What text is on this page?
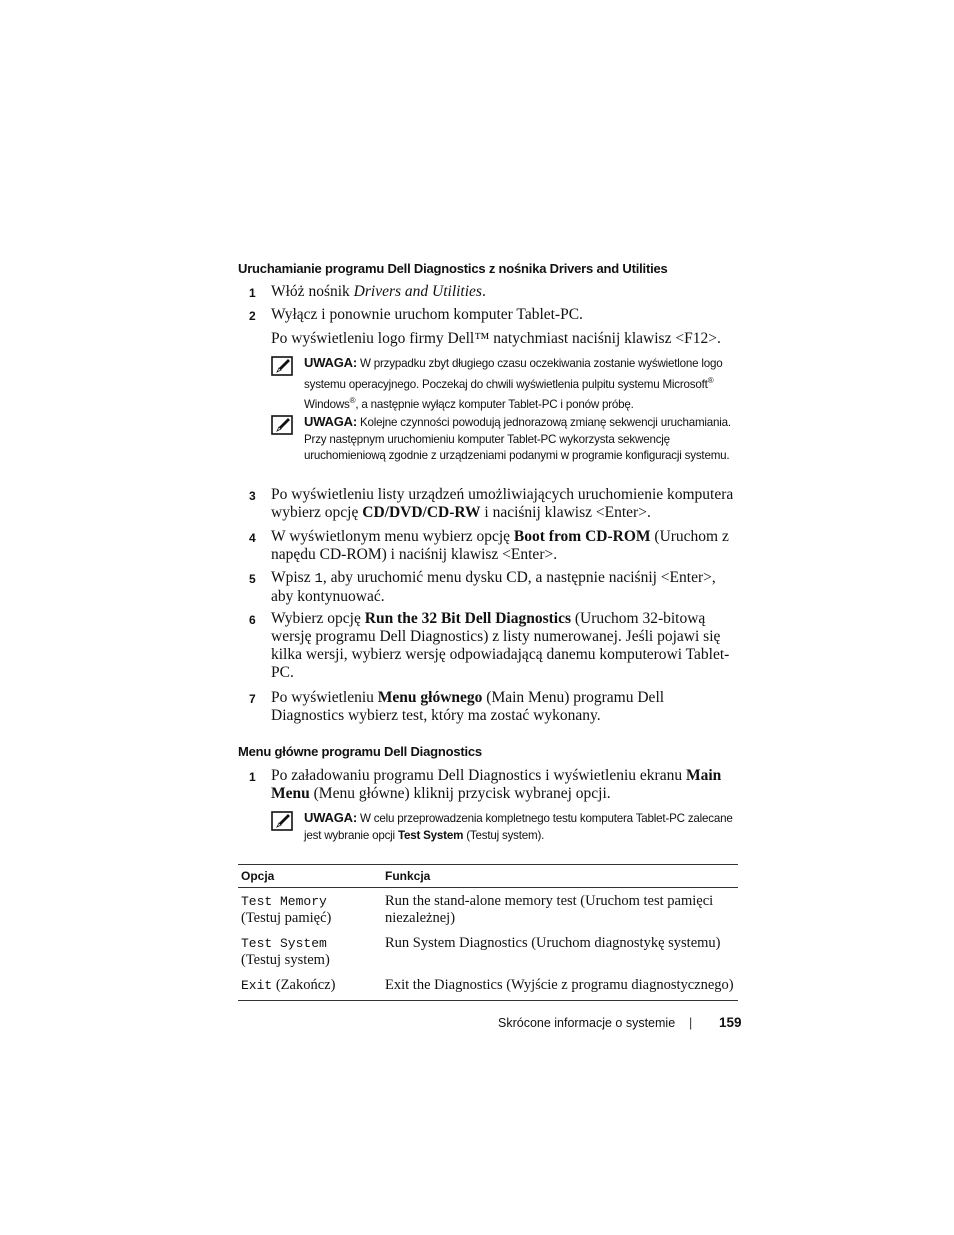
Uruchamianie programu Dell Diagnostics z nośnika Drivers and Utilities
1 Włóż nośnik Drivers and Utilities.
2 Wyłącz i ponownie uruchom komputer Tablet-PC.
Po wyświetleniu logo firmy Dell™ natychmiast naciśnij klawisz <F12>.
UWAGA: W przypadku zbyt długiego czasu oczekiwania zostanie wyświetlone logo systemu operacyjnego. Poczekaj do chwili wyświetlenia pulpitu systemu Microsoft® Windows®, a następnie wyłącz komputer Tablet-PC i ponów próbę.
UWAGA: Kolejne czynności powodują jednorazową zmianę sekwencji uruchamiania. Przy następnym uruchomieniu komputer Tablet-PC wykorzysta sekwencję uruchomieniową zgodnie z urządzeniami podanymi w programie konfiguracji systemu.
3 Po wyświetleniu listy urządzeń umożliwiających uruchomienie komputera wybierz opcję CD/DVD/CD-RW i naciśnij klawisz <Enter>.
4 W wyświetlonym menu wybierz opcję Boot from CD-ROM (Uruchom z napędu CD-ROM) i naciśnij klawisz <Enter>.
5 Wpisz 1, aby uruchomić menu dysku CD, a następnie naciśnij <Enter>, aby kontynuować.
6 Wybierz opcję Run the 32 Bit Dell Diagnostics (Uruchom 32-bitową wersję programu Dell Diagnostics) z listy numerowanej. Jeśli pojawi się kilka wersji, wybierz wersję odpowiadającą danemu komputerowi Tablet-PC.
7 Po wyświetleniu Menu głównego (Main Menu) programu Dell Diagnostics wybierz test, który ma zostać wykonany.
Menu główne programu Dell Diagnostics
1 Po załadowaniu programu Dell Diagnostics i wyświetleniu ekranu Main Menu (Menu główne) kliknij przycisk wybranej opcji.
UWAGA: W celu przeprowadzenia kompletnego testu komputera Tablet-PC zalecane jest wybranie opcji Test System (Testuj system).
Opcja	Funkcja
Test Memory
(Testuj pamięć)	Run the stand-alone memory test (Uruchom test pamięci niezależnej)
Test System
(Testuj system)	Run System Diagnostics (Uruchom diagnostykę systemu)
Exit (Zakończ)	Exit the Diagnostics (Wyjście z programu diagnostycznego)
Skrócone informacje o systemie | 159
